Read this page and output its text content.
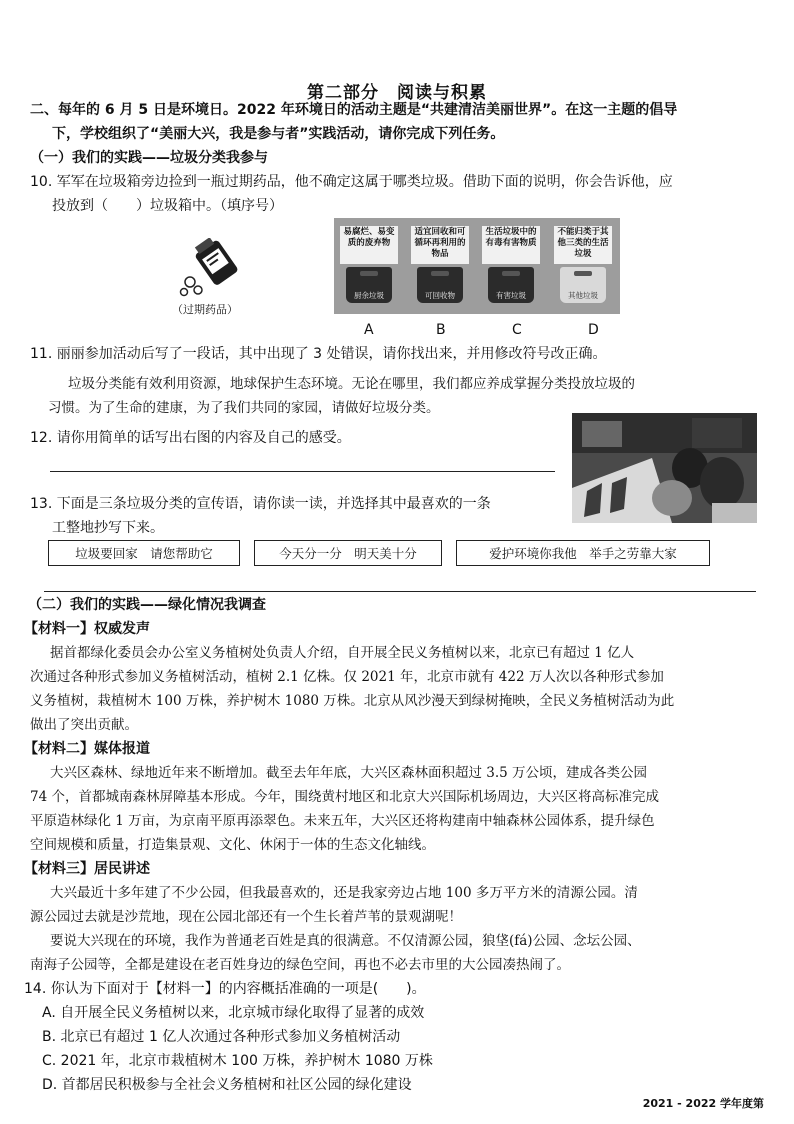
第二部分　阅读与积累
二、每年的 6 月 5 日是环境日。2022 年环境日的活动主题是“共建清洁美丽世界”。在这一主题的倡导
下，学校组织了“美丽大兴，我是参与者”实践活动，请你完成下列任务。
（一）我们的实践——垃圾分类我参与
10. 军军在垃圾箱旁边捡到一瓶过期药品，他不确定这属于哪类垃圾。借助下面的说明，你会告诉他，应
投放到（　　）垃圾箱中。（填序号）
（过期药品）
易腐烂、易变质的废弃物
厨余垃圾
适宜回收和可循环再利用的物品
可回收物
生活垃圾中的有毒有害物质
有害垃圾
不能归类于其他三类的生活垃圾
其他垃圾
A	B	C	D
11. 丽丽参加活动后写了一段话，其中出现了 3 处错误，请你找出来，并用修改符号改正确。
垃圾分类能有效利用资源，地球保护生态环境。无论在哪里，我们都应养成掌握分类投放垃圾的
习惯。为了生命的建康，为了我们共同的家园，请做好垃圾分类。
12. 请你用简单的话写出右图的内容及自己的感受。
13. 下面是三条垃圾分类的宣传语，请你读一读，并选择其中最喜欢的一条
工整地抄写下来。
垃圾要回家　请您帮助它	今天分一分　明天美十分	爱护环境你我他　举手之劳靠大家
（二）我们的实践——绿化情况我调查
【材料一】权威发声
据首都绿化委员会办公室义务植树处负责人介绍，自开展全民义务植树以来，北京已有超过 1 亿人
次通过各种形式参加义务植树活动，植树 2.1 亿株。仅 2021 年，北京市就有 422 万人次以各种形式参加
义务植树，栽植树木 100 万株，养护树木 1080 万株。北京从风沙漫天到绿树掩映，全民义务植树活动为此
做出了突出贡献。
【材料二】媒体报道
大兴区森林、绿地近年来不断增加。截至去年年底，大兴区森林面积超过 3.5 万公顷，建成各类公园
74 个，首都城南森林屏障基本形成。今年，围绕黄村地区和北京大兴国际机场周边，大兴区将高标准完成
平原造林绿化 1 万亩，为京南平原再添翠色。未来五年，大兴区还将构建南中轴森林公园体系，提升绿色
空间规模和质量，打造集景观、文化、休闲于一体的生态文化轴线。
【材料三】居民讲述
大兴最近十多年建了不少公园，但我最喜欢的，还是我家旁边占地 100 多万平方米的清源公园。清
源公园过去就是沙荒地，现在公园北部还有一个生长着芦苇的景观湖呢！
要说大兴现在的环境，我作为普通老百姓是真的很满意。不仅清源公园，狼垡(fá)公园、念坛公园、
南海子公园等，全都是建设在老百姓身边的绿色空间，再也不必去市里的大公园凑热闹了。
14. 你认为下面对于【材料一】的内容概括准确的一项是(　　)。
A. 自开展全民义务植树以来，北京城市绿化取得了显著的成效
B. 北京已有超过 1 亿人次通过各种形式参加义务植树活动
C. 2021 年，北京市栽植树木 100 万株，养护树木 1080 万株
D. 首都居民积极参与全社会义务植树和社区公园的绿化建设
2021 - 2022 学年度第
